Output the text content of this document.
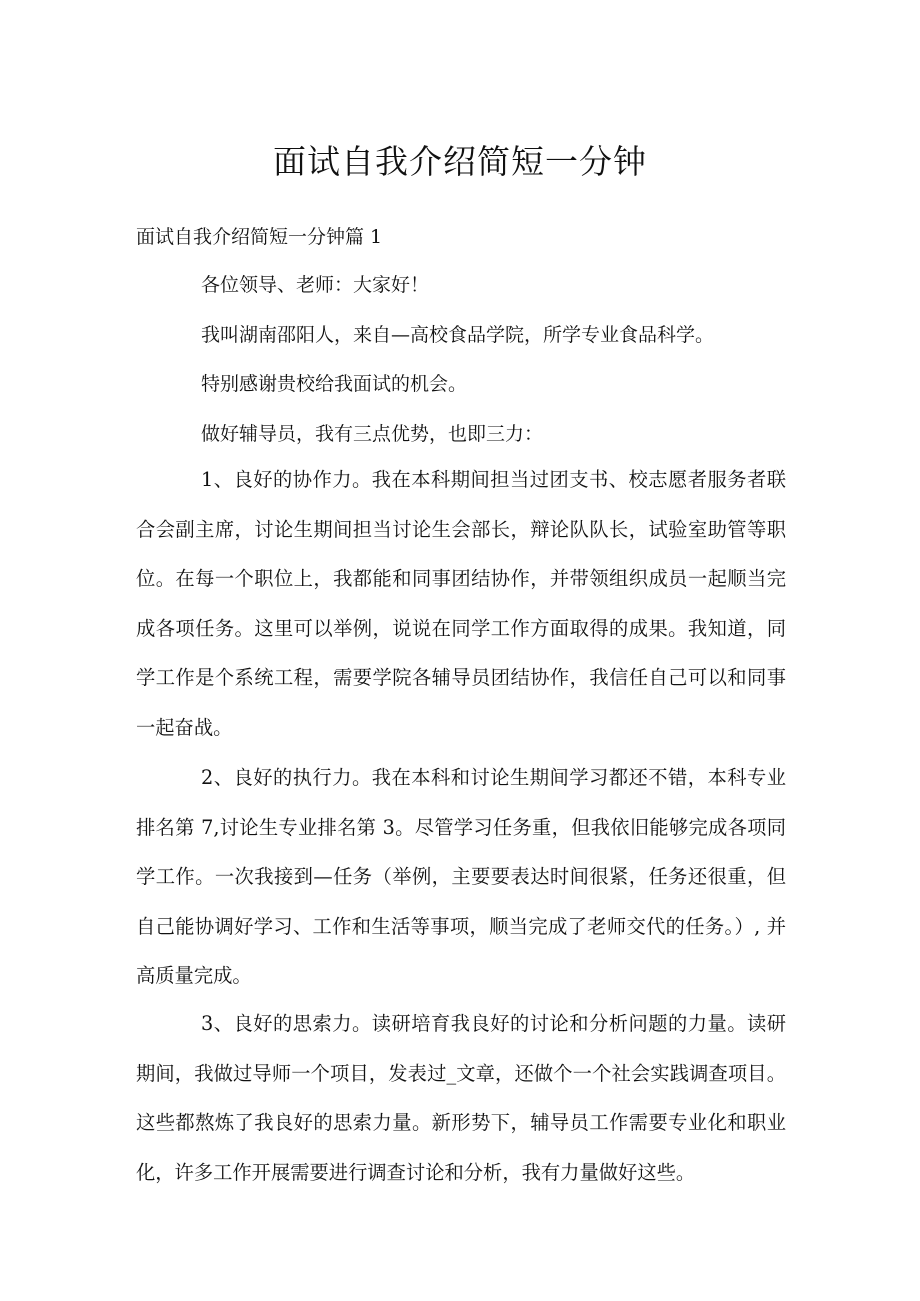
面试自我介绍简短一分钟

面试自我介绍简短一分钟篇 1

各位领导、老师：大家好！

我叫湖南邵阳人，来自—高校食品学院，所学专业食品科学。

特别感谢贵校给我面试的机会。

做好辅导员，我有三点优势，也即三力：

1、良好的协作力。我在本科期间担当过团支书、校志愿者服务者联合会副主席，讨论生期间担当讨论生会部长，辩论队队长，试验室助管等职位。在每一个职位上，我都能和同事团结协作，并带领组织成员一起顺当完成各项任务。这里可以举例，说说在同学工作方面取得的成果。我知道，同学工作是个系统工程，需要学院各辅导员团结协作，我信任自己可以和同事一起奋战。

2、良好的执行力。我在本科和讨论生期间学习都还不错，本科专业排名第 7,讨论生专业排名第 3。尽管学习任务重，但我依旧能够完成各项同学工作。一次我接到—任务（举例，主要要表达时间很紧，任务还很重，但自己能协调好学习、工作和生活等事项，顺当完成了老师交代的任务。）, 并高质量完成。

3、良好的思索力。读研培育我良好的讨论和分析问题的力量。读研期间，我做过导师一个项目，发表过_文章，还做个一个社会实践调查项目。这些都熬炼了我良好的思索力量。新形势下，辅导员工作需要专业化和职业化，许多工作开展需要进行调查讨论和分析，我有力量做好这些。
